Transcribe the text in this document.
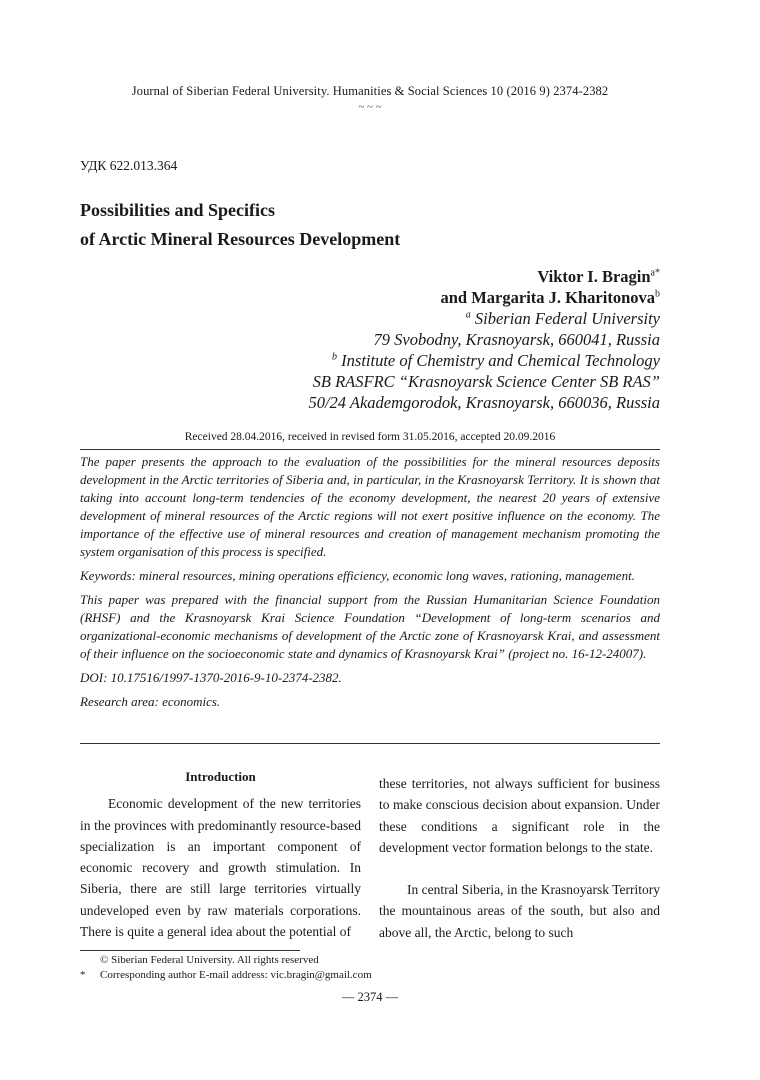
Journal of Siberian Federal University. Humanities & Social Sciences 10 (2016 9) 2374-2382
~ ~ ~
УДК 622.013.364
Possibilities and Specifics
of Arctic Mineral Resources Development
Viktor I. Bragin$^{a*}$
and Margarita J. Kharitonova$^b$
$^a$ Siberian Federal University
79 Svobodny, Krasnoyarsk, 660041, Russia
$^b$ Institute of Chemistry and Chemical Technology
SB RASFRC “Krasnoyarsk Science Center SB RAS”
50/24 Akademgorodok, Krasnoyarsk, 660036, Russia
Received 28.04.2016, received in revised form 31.05.2016, accepted 20.09.2016

The paper presents the approach to the evaluation of the possibilities for the mineral resources deposits development in the Arctic territories of Siberia and, in particular, in the Krasnoyarsk Territory. It is shown that taking into account long-term tendencies of the economy development, the nearest 20 years of extensive development of mineral resources of the Arctic regions will not exert positive influence on the economy. The importance of the effective use of mineral resources and creation of management mechanism promoting the system organisation of this process is specified.

Keywords: mineral resources, mining operations efficiency, economic long waves, rationing, management.

This paper was prepared with the financial support from the Russian Humanitarian Science Foundation (RHSF) and the Krasnoyarsk Krai Science Foundation “Development of long-term scenarios and organizational-economic mechanisms of development of the Arctic zone of Krasnoyarsk Krai, and assessment of their influence on the socioeconomic state and dynamics of Krasnoyarsk Krai” (project no. 16-12-24007).

DOI: 10.17516/1997-1370-2016-9-10-2374-2382.

Research area: economics.

Introduction

Economic development of the new territories in the provinces with predominantly resource-based specialization is an important component of economic recovery and growth stimulation. In Siberia, there are still large territories virtually undeveloped even by raw materials corporations. There is quite a general idea about the potential of

these territories, not always sufficient for business to make conscious decision about expansion. Under these conditions a significant role in the development vector formation belongs to the state.

In central Siberia, in the Krasnoyarsk Territory the mountainous areas of the south, but also and above all, the Arctic, belong to such

© Siberian Federal University. All rights reserved
*	Corresponding author E-mail address: vic.bragin@gmail.com
— 2374 —
